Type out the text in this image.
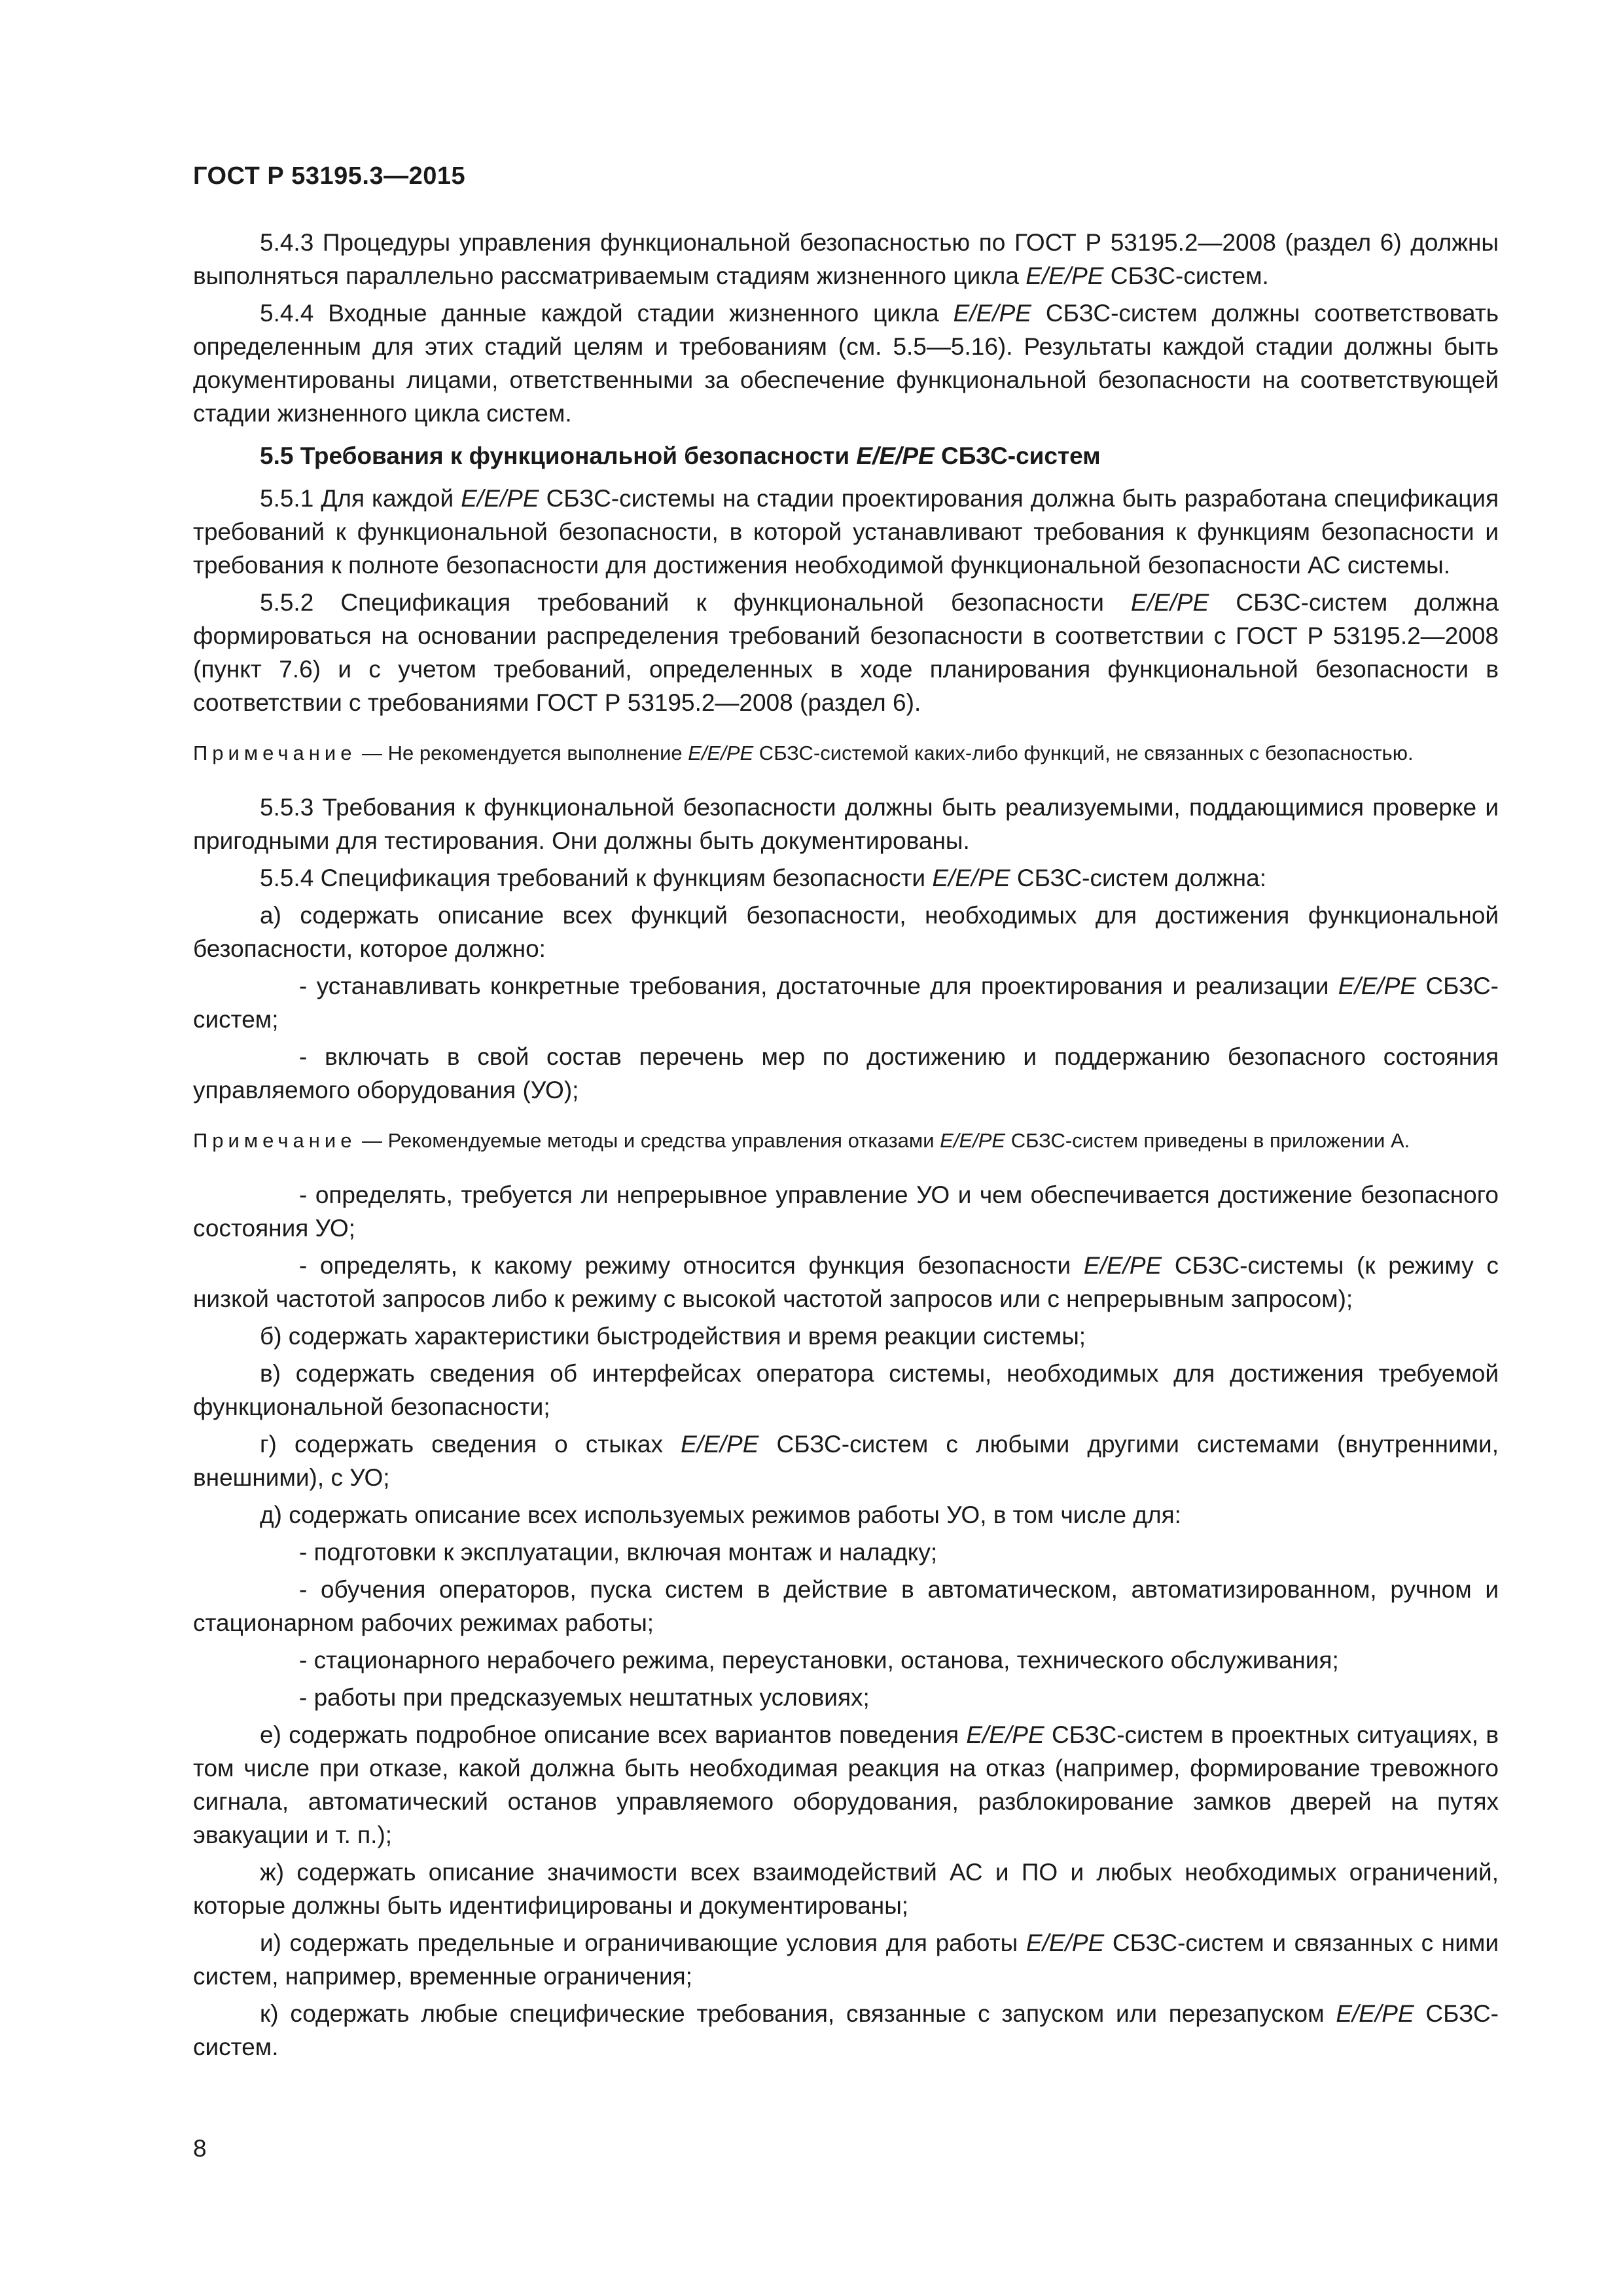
ГОСТ Р 53195.3—2015

5.4.3 Процедуры управления функциональной безопасностью по ГОСТ Р 53195.2—2008 (раздел 6) должны выполняться параллельно рассматриваемым стадиям жизненного цикла E/E/PE СБЗС-систем.

5.4.4 Входные данные каждой стадии жизненного цикла E/E/PE СБЗС-систем должны соответствовать определенным для этих стадий целям и требованиям (см. 5.5—5.16). Результаты каждой стадии должны быть документированы лицами, ответственными за обеспечение функциональной безопасности на соответствующей стадии жизненного цикла систем.

5.5 Требования к функциональной безопасности E/E/PE СБЗС-систем

5.5.1 Для каждой E/E/PE СБЗС-системы на стадии проектирования должна быть разработана спецификация требований к функциональной безопасности, в которой устанавливают требования к функциям безопасности и требования к полноте безопасности для достижения необходимой функциональной безопасности АС системы.

5.5.2 Спецификация требований к функциональной безопасности E/E/PE СБЗС-систем должна формироваться на основании распределения требований безопасности в соответствии с ГОСТ Р 53195.2—2008 (пункт 7.6) и с учетом требований, определенных в ходе планирования функциональной безопасности в соответствии с требованиями ГОСТ Р 53195.2—2008 (раздел 6).

Примечание — Не рекомендуется выполнение E/E/PE СБЗС-системой каких-либо функций, не связанных с безопасностью.

5.5.3 Требования к функциональной безопасности должны быть реализуемыми, поддающимися проверке и пригодными для тестирования. Они должны быть документированы.

5.5.4 Спецификация требований к функциям безопасности E/E/PE СБЗС-систем должна:

а) содержать описание всех функций безопасности, необходимых для достижения функциональной безопасности, которое должно:

- устанавливать конкретные требования, достаточные для проектирования и реализации E/E/PE СБЗС-систем;

- включать в свой состав перечень мер по достижению и поддержанию безопасного состояния управляемого оборудования (УО);

Примечание — Рекомендуемые методы и средства управления отказами E/E/PE СБЗС-систем приведены в приложении А.

- определять, требуется ли непрерывное управление УО и чем обеспечивается достижение безопасного состояния УО;

- определять, к какому режиму относится функция безопасности E/E/PE СБЗС-системы (к режиму с низкой частотой запросов либо к режиму с высокой частотой запросов или с непрерывным запросом);

б) содержать характеристики быстродействия и время реакции системы;

в) содержать сведения об интерфейсах оператора системы, необходимых для достижения требуемой функциональной безопасности;

г) содержать сведения о стыках E/E/PE СБЗС-систем с любыми другими системами (внутренними, внешними), с УО;

д) содержать описание всех используемых режимов работы УО, в том числе для:

- подготовки к эксплуатации, включая монтаж и наладку;

- обучения операторов, пуска систем в действие в автоматическом, автоматизированном, ручном и стационарном рабочих режимах работы;

- стационарного нерабочего режима, переустановки, останова, технического обслуживания;

- работы при предсказуемых нештатных условиях;

е) содержать подробное описание всех вариантов поведения E/E/PE СБЗС-систем в проектных ситуациях, в том числе при отказе, какой должна быть необходимая реакция на отказ (например, формирование тревожного сигнала, автоматический останов управляемого оборудования, разблокирование замков дверей на путях эвакуации и т. п.);

ж) содержать описание значимости всех взаимодействий АС и ПО и любых необходимых ограничений, которые должны быть идентифицированы и документированы;

и) содержать предельные и ограничивающие условия для работы E/E/PE СБЗС-систем и связанных с ними систем, например, временные ограничения;

к) содержать любые специфические требования, связанные с запуском или перезапуском E/E/PE СБЗС-систем.

8
